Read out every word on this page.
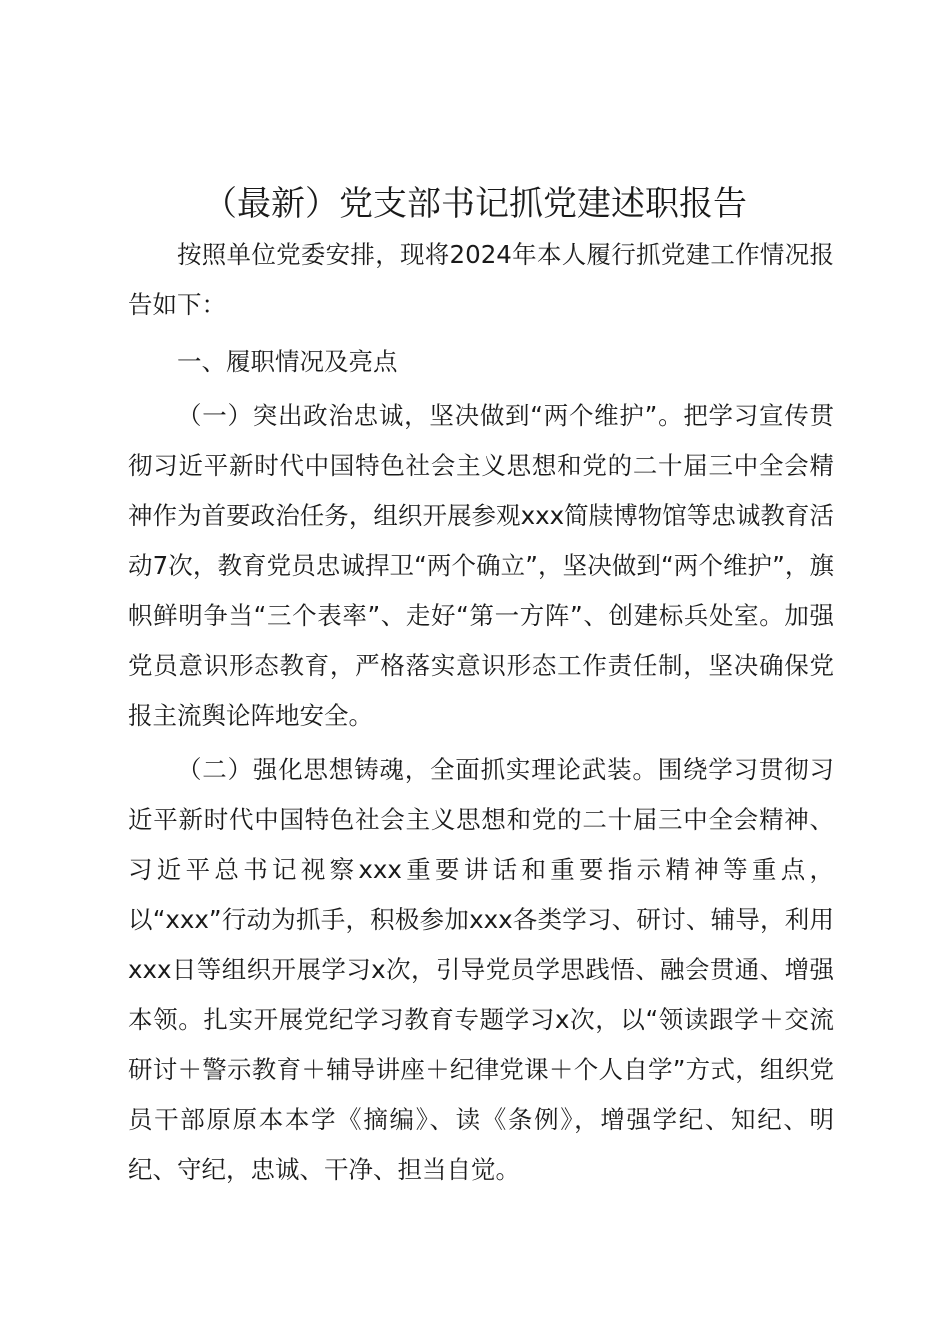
（最新）党支部书记抓党建述职报告

按照单位党委安排，现将2024年本人履行抓党建工作情况报告如下：

一、履职情况及亮点

（一）突出政治忠诚，坚决做到“两个维护”。把学习宣传贯彻习近平新时代中国特色社会主义思想和党的二十届三中全会精神作为首要政治任务，组织开展参观xxx简牍博物馆等忠诚教育活动7次，教育党员忠诚捍卫“两个确立”，坚决做到“两个维护”，旗帜鲜明争当“三个表率”、走好“第一方阵”、创建标兵处室。加强党员意识形态教育，严格落实意识形态工作责任制，坚决确保党报主流舆论阵地安全。

（二）强化思想铸魂，全面抓实理论武装。围绕学习贯彻习近平新时代中国特色社会主义思想和党的二十届三中全会精神、习近平总书记视察xxx重要讲话和重要指示精神等重点，以“xxx”行动为抓手，积极参加xxx各类学习、研讨、辅导，利用xxx日等组织开展学习x次，引导党员学思践悟、融会贯通、增强本领。扎实开展党纪学习教育专题学习x次，以“领读跟学＋交流研讨＋警示教育＋辅导讲座＋纪律党课＋个人自学”方式，组织党员干部原原本本学《摘编》、读《条例》，增强学纪、知纪、明纪、守纪，忠诚、干净、担当自觉。
